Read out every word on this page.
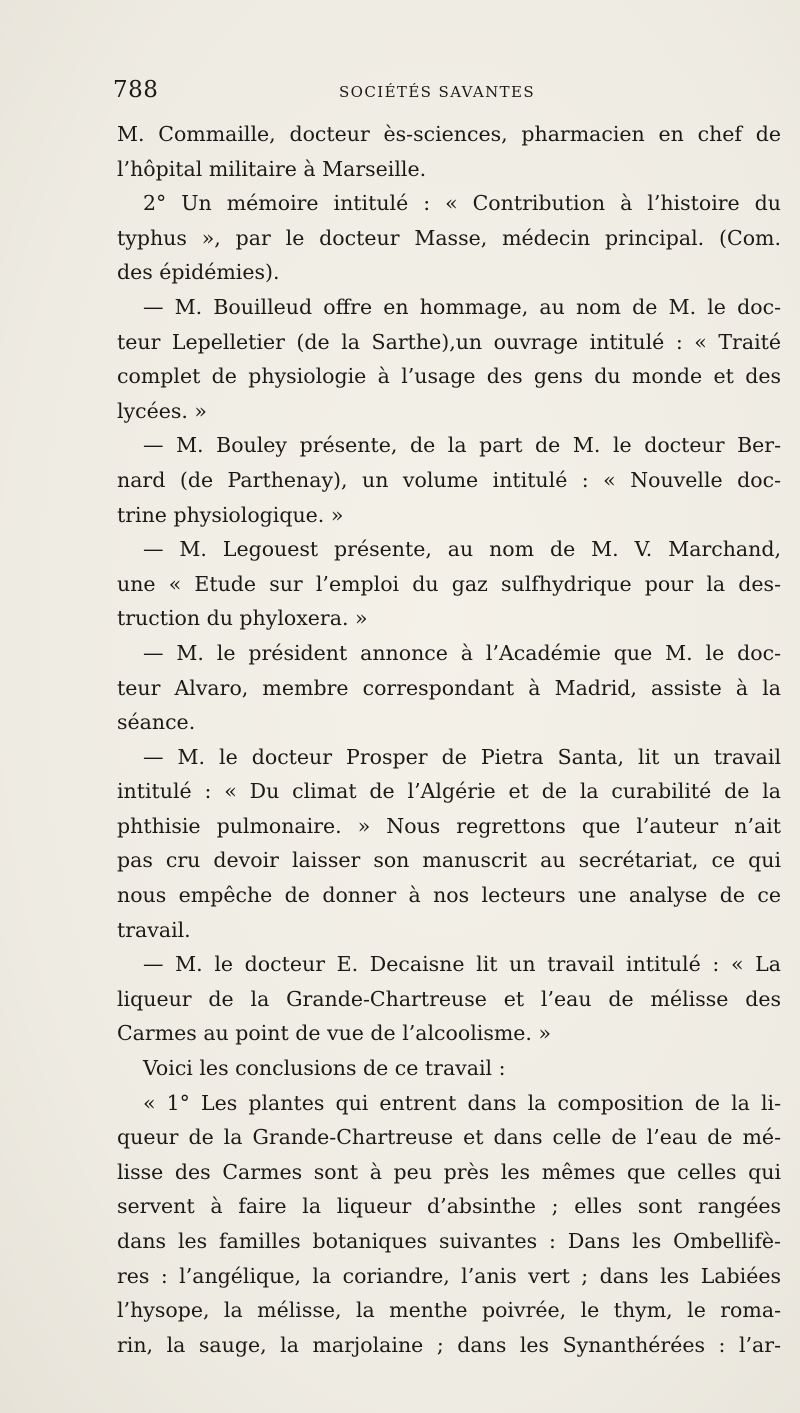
788	SOCIÉTÉS SAVANTES
M. Commaille, docteur ès-sciences, pharmacien en chef de
l’hôpital militaire à Marseille.
2° Un mémoire intitulé : « Contribution à l’histoire du
typhus », par le docteur Masse, médecin principal. (Com.
des épidémies).
— M. Bouilleud offre en hommage, au nom de M. le doc-
teur Lepelletier (de la Sarthe),un ouvrage intitulé : « Traité
complet de physiologie à l’usage des gens du monde et des
lycées. »
— M. Bouley présente, de la part de M. le docteur Ber-
nard (de Parthenay), un volume intitulé : « Nouvelle doc-
trine physiologique. »
— M. Legouest présente, au nom de M. V. Marchand,
une « Etude sur l’emploi du gaz sulfhydrique pour la des-
truction du phyloxera. »
— M. le président annonce à l’Académie que M. le doc-
teur Alvaro, membre correspondant à Madrid, assiste à la
séance.
— M. le docteur Prosper de Pietra Santa, lit un travail
intitulé : « Du climat de l’Algérie et de la curabilité de la
phthisie pulmonaire. » Nous regrettons que l’auteur n’ait
pas cru devoir laisser son manuscrit au secrétariat, ce qui
nous empêche de donner à nos lecteurs une analyse de ce
travail.
— M. le docteur E. Decaisne lit un travail intitulé : « La
liqueur de la Grande-Chartreuse et l’eau de mélisse des
Carmes au point de vue de l’alcoolisme. »
Voici les conclusions de ce travail :
« 1° Les plantes qui entrent dans la composition de la li-
queur de la Grande-Chartreuse et dans celle de l’eau de mé-
lisse des Carmes sont à peu près les mêmes que celles qui
servent à faire la liqueur d’absinthe ; elles sont rangées
dans les familles botaniques suivantes : Dans les Ombellifè-
res : l’angélique, la coriandre, l’anis vert ; dans les Labiées
l’hysope, la mélisse, la menthe poivrée, le thym, le roma-
rin, la sauge, la marjolaine ; dans les Synanthérées : l’ar-
